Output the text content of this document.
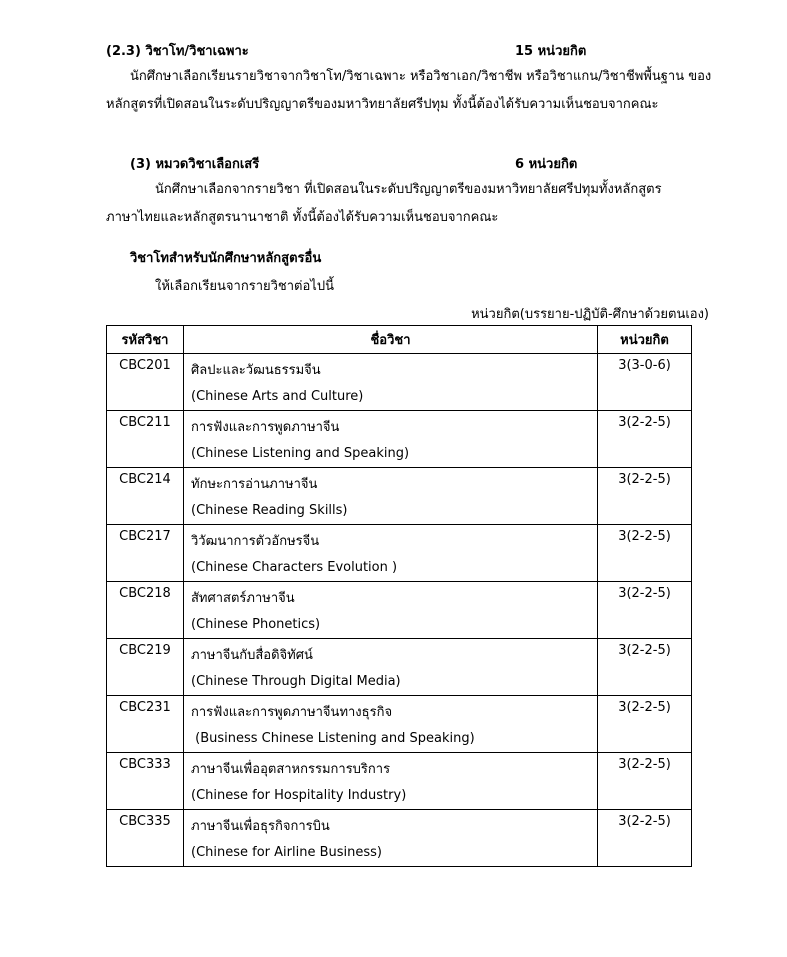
(2.3) วิชาโท/วิชาเฉพาะ	15 หน่วยกิต
นักศึกษาเลือกเรียนรายวิชาจากวิชาโท/วิชาเฉพาะ หรือวิชาเอก/วิชาชีพ หรือวิชาแกน/วิชาชีพพื้นฐาน ของ
หลักสูตรที่เปิดสอนในระดับปริญญาตรีของมหาวิทยาลัยศรีปทุม ทั้งนี้ต้องได้รับความเห็นชอบจากคณะ
(3) หมวดวิชาเลือกเสรี	6 หน่วยกิต
นักศึกษาเลือกจากรายวิชา ที่เปิดสอนในระดับปริญญาตรีของมหาวิทยาลัยศรีปทุมทั้งหลักสูตร
ภาษาไทยและหลักสูตรนานาชาติ ทั้งนี้ต้องได้รับความเห็นชอบจากคณะ
วิชาโทสำหรับนักศึกษาหลักสูตรอื่น
ให้เลือกเรียนจากรายวิชาต่อไปนี้
หน่วยกิต(บรรยาย-ปฏิบัติ-ศึกษาด้วยตนเอง)
รหัสวิชา	ชื่อวิชา	หน่วยกิต
CBC201	ศิลปะและวัฒนธรรมจีน
(Chinese Arts and Culture)	3(3-0-6)
CBC211	การฟังและการพูดภาษาจีน
(Chinese Listening and Speaking)	3(2-2-5)
CBC214	ทักษะการอ่านภาษาจีน
(Chinese Reading Skills)	3(2-2-5)
CBC217	วิวัฒนาการตัวอักษรจีน
(Chinese Characters Evolution )	3(2-2-5)
CBC218	สัทศาสตร์ภาษาจีน
(Chinese Phonetics)	3(2-2-5)
CBC219	ภาษาจีนกับสื่อดิจิทัศน์
(Chinese Through Digital Media)	3(2-2-5)
CBC231	การฟังและการพูดภาษาจีนทางธุรกิจ
(Business Chinese Listening and Speaking)	3(2-2-5)
CBC333	ภาษาจีนเพื่ออุตสาหกรรมการบริการ
(Chinese for Hospitality Industry)	3(2-2-5)
CBC335	ภาษาจีนเพื่อธุรกิจการบิน
(Chinese for Airline Business)	3(2-2-5)
